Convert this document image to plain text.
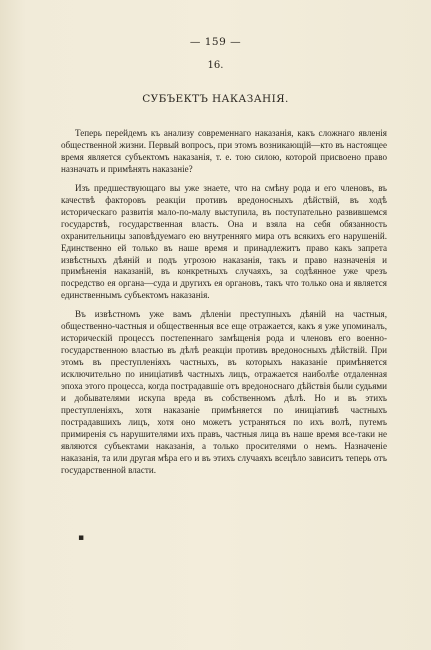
— 159 —
16.
СУБЪЕКТЪ НАКАЗАНІЯ.

Теперь перейдемъ къ анализу современнаго наказанія, какъ сложнаго явленія общественной жизни. Первый вопросъ, при этомъ возникающій—кто въ настоящее время является субъектомъ наказанія, т. е. тою силою, которой присвоено право назначать и примѣнять наказаніе?

Изъ предшествующаго вы уже знаете, что на смѣну рода и его членовъ, въ качествѣ факторовъ реакціи противъ вредоносныхъ дѣйствій, въ ходѣ историческаго развитія мало-по-малу выступила, въ поступательно развившемся государствѣ, государственная власть. Она и взяла на себя обязанность охранительницы заповѣдуемаго ею внутренняго мира отъ всякихъ его нарушеній. Единственно ей только въ наше время и принадлежитъ право какъ запрета извѣстныхъ дѣяній и подъ угрозою наказанія, такъ и право назначенія и примѣненія наказаній, въ конкретныхъ случаяхъ, за содѣянное уже чрезъ посредство ея органа—суда и другихъ ея органовъ, такъ что только она и является единственнымъ субъектомъ наказанія.

Въ извѣстномъ уже вамъ дѣленіи преступныхъ дѣяній на частныя, общественно-частныя и общественныя все еще отражается, какъ я уже упоминалъ, историческій процессъ постепеннаго замѣщенія рода и членовъ его военно-государственною властью въ дѣлѣ реакціи противъ вредоносныхъ дѣйствій. При этомъ въ преступленіяхъ частныхъ, въ которыхъ наказаніе примѣняется исключительно по иниціативѣ частныхъ лицъ, отражается наиболѣе отдаленная эпоха этого процесса, когда пострадавшіе отъ вредоноснаго дѣйствія были судьями и добывателями искупа вреда въ собственномъ дѣлѣ. Но и въ этихъ преступленіяхъ, хотя наказаніе примѣняется по иниціативѣ частныхъ пострадавшихъ лицъ, хотя оно можетъ устраняться по ихъ волѣ, путемъ примиренія съ нарушителями ихъ правъ, частныя лица въ наше время все-таки не являются субъектами наказанія, а только просителями о немъ. Назначеніе наказанія, та или другая мѣра его и въ этихъ случаяхъ всецѣло зависитъ теперь отъ государственной власти.

▪
